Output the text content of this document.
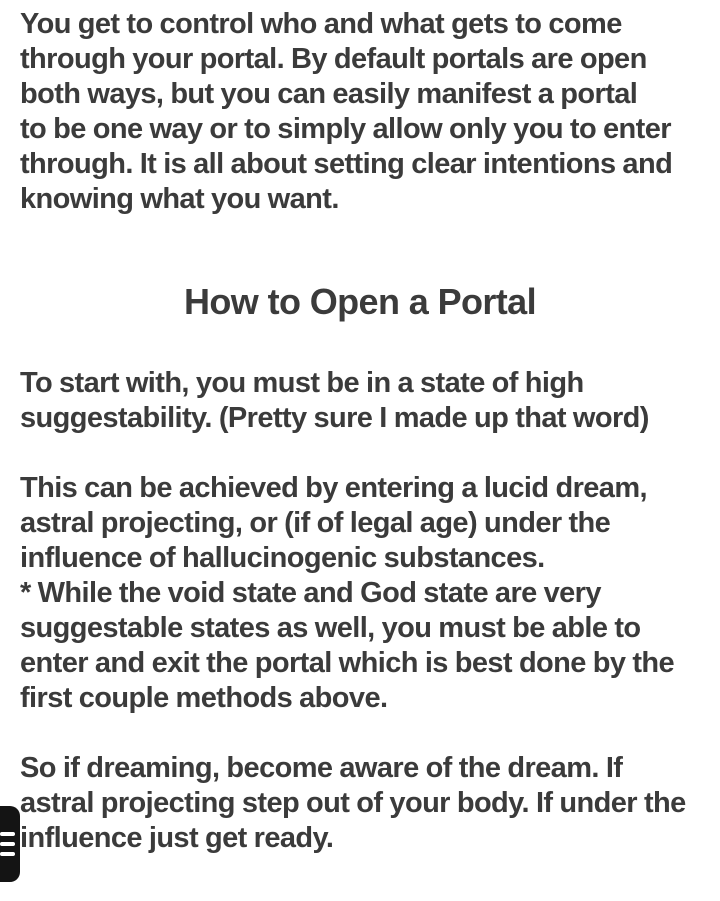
You get to control who and what gets to come
through your portal. By default portals are open
both ways, but you can easily manifest a portal
to be one way or to simply allow only you to enter
through. It is all about setting clear intentions and
knowing what you want.

How to Open a Portal

To start with, you must be in a state of high
suggestability. (Pretty sure I made up that word)

This can be achieved by entering a lucid dream,
astral projecting, or (if of legal age) under the
influence of hallucinogenic substances.
* While the void state and God state are very
suggestable states as well, you must be able to
enter and exit the portal which is best done by the
first couple methods above.

So if dreaming, become aware of the dream. If
astral projecting step out of your body. If under the
influence just get ready.
